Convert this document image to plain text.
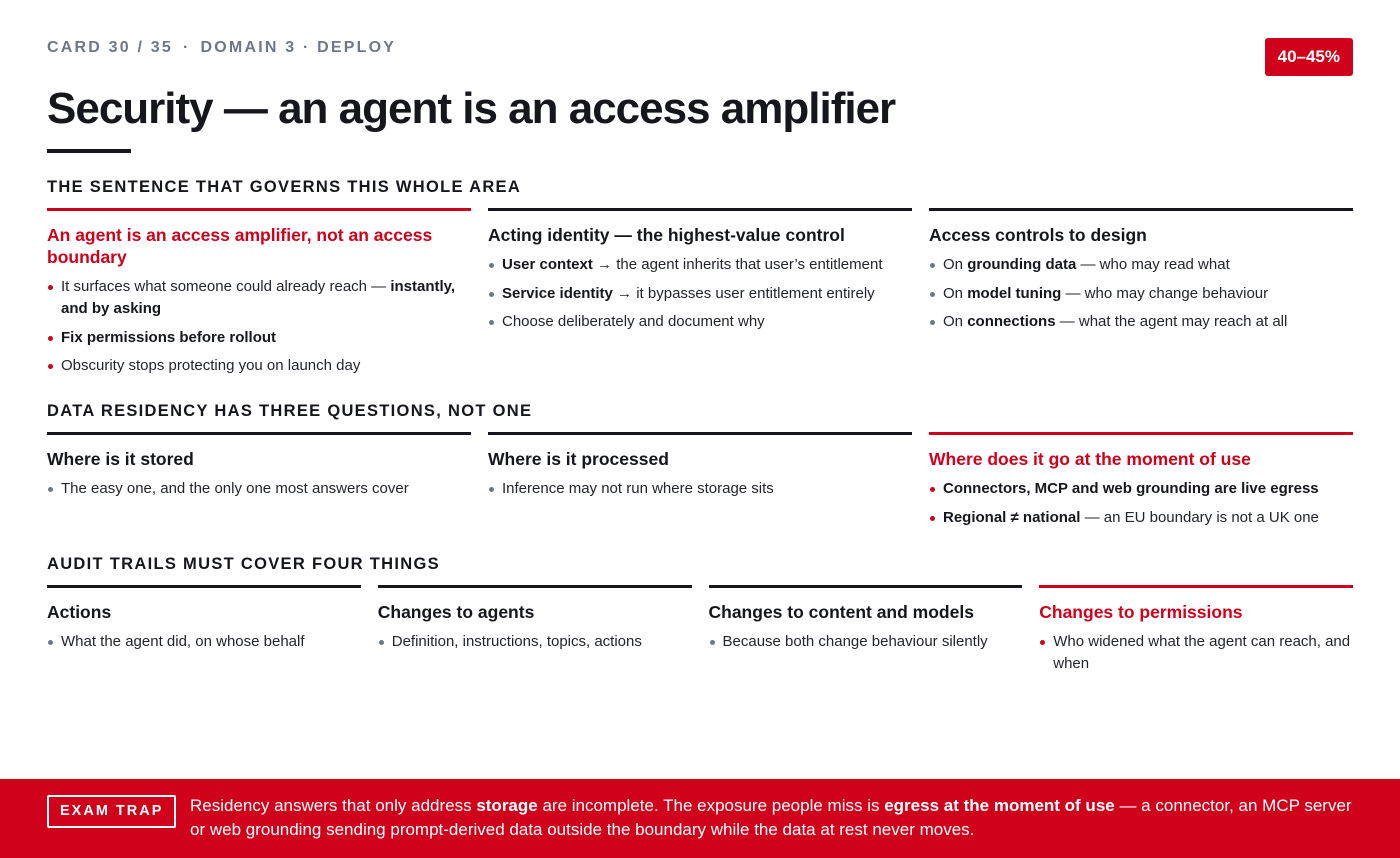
CARD 30 / 35 · DOMAIN 3 · DEPLOY	40–45%
Security — an agent is an access amplifier
THE SENTENCE THAT GOVERNS THIS WHOLE AREA
An agent is an access amplifier, not an access boundary
It surfaces what someone could already reach — instantly, and by asking
Fix permissions before rollout
Obscurity stops protecting you on launch day
Acting identity — the highest-value control
User context → the agent inherits that user’s entitlement
Service identity → it bypasses user entitlement entirely
Choose deliberately and document why
Access controls to design
On grounding data — who may read what
On model tuning — who may change behaviour
On connections — what the agent may reach at all
DATA RESIDENCY HAS THREE QUESTIONS, NOT ONE
Where is it stored
The easy one, and the only one most answers cover
Where is it processed
Inference may not run where storage sits
Where does it go at the moment of use
Connectors, MCP and web grounding are live egress
Regional ≠ national — an EU boundary is not a UK one
AUDIT TRAILS MUST COVER FOUR THINGS
Actions
What the agent did, on whose behalf
Changes to agents
Definition, instructions, topics, actions
Changes to content and models
Because both change behaviour silently
Changes to permissions
Who widened what the agent can reach, and when
EXAM TRAP	Residency answers that only address storage are incomplete. The exposure people miss is egress at the moment of use — a connector, an MCP server or web grounding sending prompt-derived data outside the boundary while the data at rest never moves.
